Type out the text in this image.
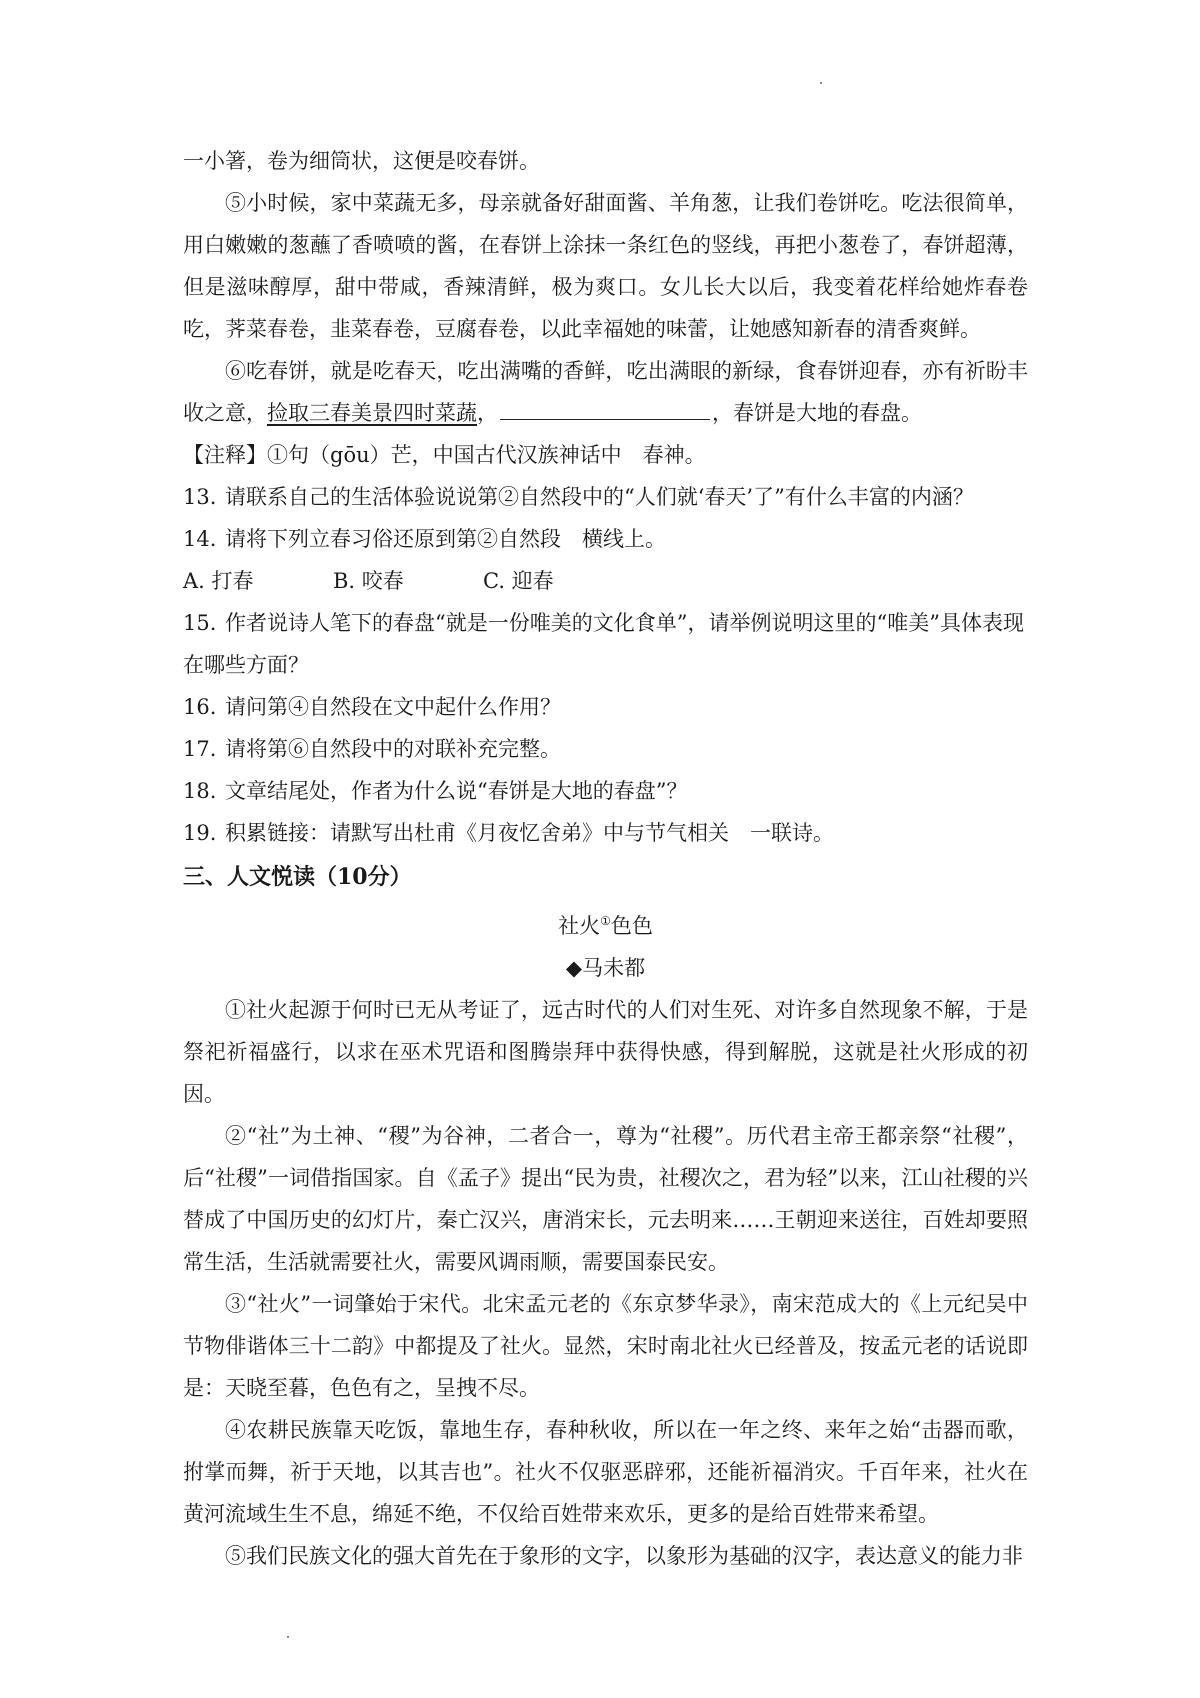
一小箸，卷为细筒状，这便是咬春饼。

⑤小时候，家中菜蔬无多，母亲就备好甜面酱、羊角葱，让我们卷饼吃。吃法很简单，用白嫩嫩的葱蘸了香喷喷的酱，在春饼上涂抹一条红色的竖线，再把小葱卷了，春饼超薄，但是滋味醇厚，甜中带咸，香辣清鲜，极为爽口。女儿长大以后，我变着花样给她炸春卷吃，荠菜春卷，韭菜春卷，豆腐春卷，以此幸福她的味蕾，让她感知新春的清香爽鲜。

⑥吃春饼，就是吃春天，吃出满嘴的香鲜，吃出满眼的新绿，食春饼迎春，亦有祈盼丰收之意，捡取三春美景四时菜蔬，	，春饼是大地的春盘。

【注释】①句（gōu）芒，中国古代汉族神话中　春神。

13. 请联系自己的生活体验说说第②自然段中的“人们就‘春天’了”有什么丰富的内涵？

14. 请将下列立春习俗还原到第②自然段　横线上。

A. 打春	B. 咬春	C. 迎春

15. 作者说诗人笔下的春盘“就是一份唯美的文化食单”，请举例说明这里的“唯美”具体表现在哪些方面？

16. 请问第④自然段在文中起什么作用？

17. 请将第⑥自然段中的对联补充完整。

18. 文章结尾处，作者为什么说“春饼是大地的春盘”？

19. 积累链接：请默写出杜甫《月夜忆舍弟》中与节气相关　一联诗。

三、人文悦读（10分）

社火①色色

◆马未都

①社火起源于何时已无从考证了，远古时代的人们对生死、对许多自然现象不解，于是祭祀祈福盛行，以求在巫术咒语和图腾崇拜中获得快感，得到解脱，这就是社火形成的初因。

②“社”为土神、“稷”为谷神，二者合一，尊为“社稷”。历代君主帝王都亲祭“社稷”，后“社稷”一词借指国家。自《孟子》提出“民为贵，社稷次之，君为轻”以来，江山社稷的兴替成了中国历史的幻灯片，秦亡汉兴，唐消宋长，元去明来……王朝迎来送往，百姓却要照常生活，生活就需要社火，需要风调雨顺，需要国泰民安。

③“社火”一词肇始于宋代。北宋孟元老的《东京梦华录》，南宋范成大的《上元纪吴中节物俳谐体三十二韵》中都提及了社火。显然，宋时南北社火已经普及，按孟元老的话说即是：天晓至暮，色色有之，呈拽不尽。

④农耕民族靠天吃饭，靠地生存，春种秋收，所以在一年之终、来年之始“击器而歌，拊掌而舞，祈于天地，以其吉也”。社火不仅驱恶辟邪，还能祈福消灾。千百年来，社火在黄河流域生生不息，绵延不绝，不仅给百姓带来欢乐，更多的是给百姓带来希望。

⑤我们民族文化的强大首先在于象形的文字，以象形为基础的汉字，表达意义的能力非
